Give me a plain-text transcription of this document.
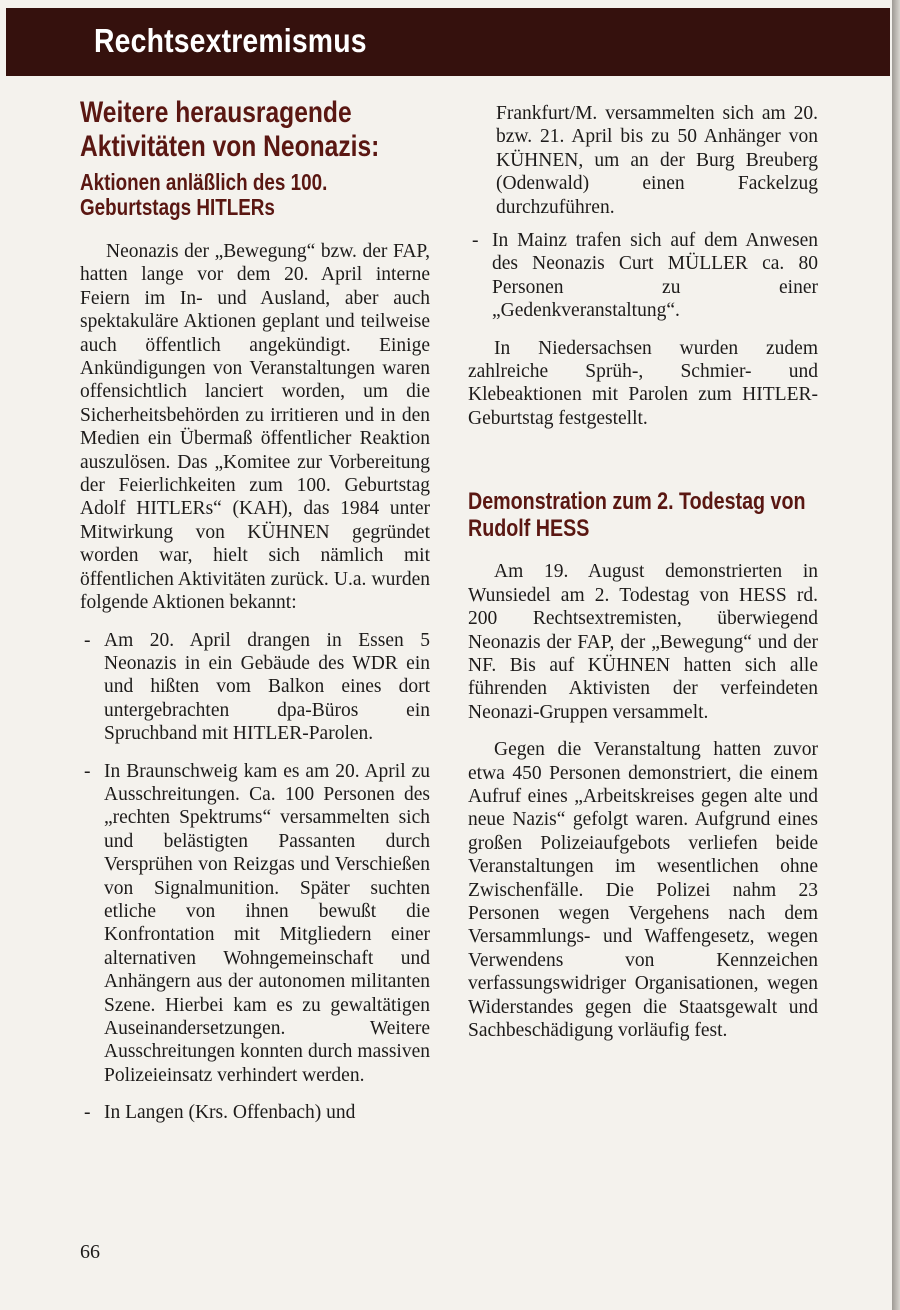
Rechtsextremismus
Weitere herausragende Aktivitäten von Neonazis:
Aktionen anläßlich des 100. Geburtstags HITLERs

Neonazis der „Bewegung“ bzw. der FAP, hatten lange vor dem 20. April interne Feiern im In- und Ausland, aber auch spektakuläre Aktionen geplant und teilweise auch öffentlich angekündigt. Einige Ankündigungen von Veranstaltungen waren offensichtlich lanciert worden, um die Sicherheitsbehörden zu irritieren und in den Medien ein Übermaß öffentlicher Reaktion auszulösen. Das „Komitee zur Vorbereitung der Feierlichkeiten zum 100. Geburtstag Adolf HITLERs“ (KAH), das 1984 unter Mitwirkung von KÜHNEN gegründet worden war, hielt sich nämlich mit öffentlichen Aktivitäten zurück. U.a. wurden folgende Aktionen bekannt:

- Am 20. April drangen in Essen 5 Neonazis in ein Gebäude des WDR ein und hißten vom Balkon eines dort untergebrachten dpa-Büros ein Spruchband mit HITLER-Parolen.
- In Braunschweig kam es am 20. April zu Ausschreitungen. Ca. 100 Personen des „rechten Spektrums“ versammelten sich und belästigten Passanten durch Versprühen von Reizgas und Verschießen von Signalmunition. Später suchten etliche von ihnen bewußt die Konfrontation mit Mitgliedern einer alternativen Wohngemeinschaft und Anhängern aus der autonomen militanten Szene. Hierbei kam es zu gewaltätigen Auseinandersetzungen. Weitere Ausschreitungen konnten durch massiven Polizeieinsatz verhindert werden.
- In Langen (Krs. Offenbach) und

Frankfurt/M. versammelten sich am 20. bzw. 21. April bis zu 50 Anhänger von KÜHNEN, um an der Burg Breuberg (Odenwald) einen Fackelzug durchzuführen.

- In Mainz trafen sich auf dem Anwesen des Neonazis Curt MÜLLER ca. 80 Personen zu einer „Gedenkveranstaltung“.

In Niedersachsen wurden zudem zahlreiche Sprüh-, Schmier- und Klebeaktionen mit Parolen zum HITLER-Geburtstag festgestellt.

Demonstration zum 2. Todestag von Rudolf HESS

Am 19. August demonstrierten in Wunsiedel am 2. Todestag von HESS rd. 200 Rechtsextremisten, überwiegend Neonazis der FAP, der „Bewegung“ und der NF. Bis auf KÜHNEN hatten sich alle führenden Aktivisten der verfeindeten Neonazi-Gruppen versammelt.

Gegen die Veranstaltung hatten zuvor etwa 450 Personen demonstriert, die einem Aufruf eines „Arbeitskreises gegen alte und neue Nazis“ gefolgt waren. Aufgrund eines großen Polizeiaufgebots verliefen beide Veranstaltungen im wesentlichen ohne Zwischenfälle. Die Polizei nahm 23 Personen wegen Vergehens nach dem Versammlungs- und Waffengesetz, wegen Verwendens von Kennzeichen verfassungswidriger Organisationen, wegen Widerstandes gegen die Staatsgewalt und Sachbeschädigung vorläufig fest.

66
